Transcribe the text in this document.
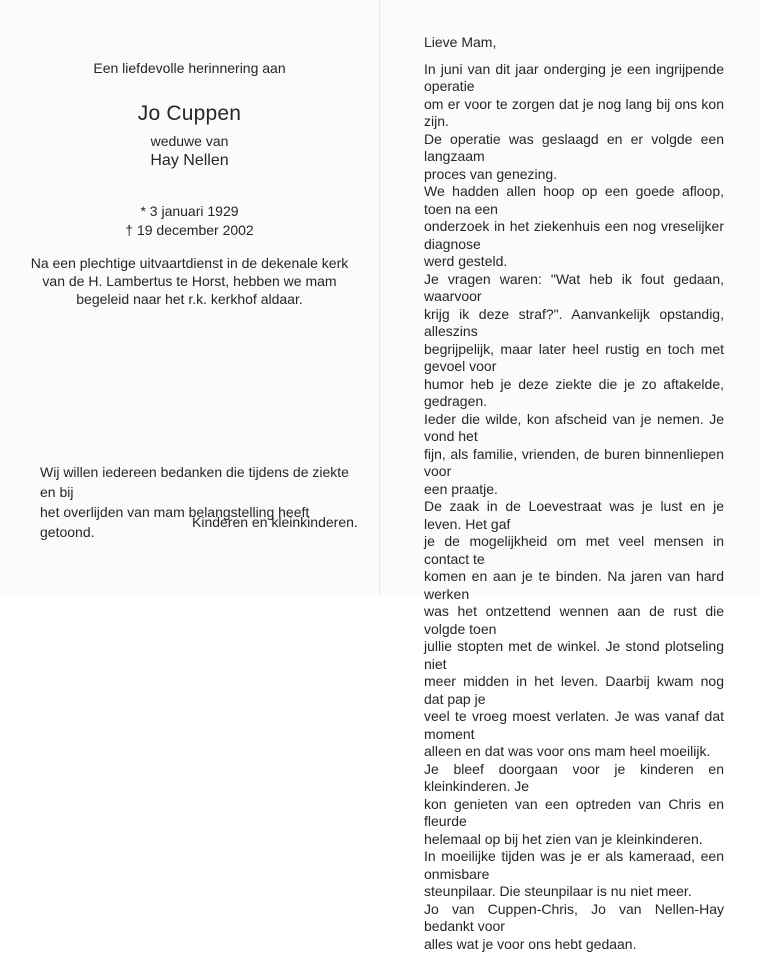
Een liefdevolle herinnering aan
Jo Cuppen
weduwe van
Hay Nellen
* 3 januari 1929
† 19 december 2002
Na een plechtige uitvaartdienst in de dekenale kerk
van de H. Lambertus te Horst, hebben we mam
begeleid naar het r.k. kerkhof aldaar.
Wij willen iedereen bedanken die tijdens de ziekte en bij
het overlijden van mam belangstelling heeft getoond.
Kinderen en kleinkinderen.
Lieve Mam,

In juni van dit jaar onderging je een ingrijpende operatie
om er voor te zorgen dat je nog lang bij ons kon zijn.

De operatie was geslaagd en er volgde een langzaam
proces van genezing.

We hadden allen hoop op een goede afloop, toen na een
onderzoek in het ziekenhuis een nog vreselijker diagnose
werd gesteld.

Je vragen waren: "Wat heb ik fout gedaan, waarvoor
krijg ik deze straf?". Aanvankelijk opstandig, alleszins
begrijpelijk, maar later heel rustig en toch met gevoel voor
humor heb je deze ziekte die je zo aftakelde, gedragen.
Ieder die wilde, kon afscheid van je nemen. Je vond het
fijn, als familie, vrienden, de buren binnenliepen voor
een praatje.

De zaak in de Loevestraat was je lust en je leven. Het gaf
je de mogelijkheid om met veel mensen in contact te
komen en aan je te binden. Na jaren van hard werken
was het ontzettend wennen aan de rust die volgde toen
jullie stopten met de winkel. Je stond plotseling niet
meer midden in het leven. Daarbij kwam nog dat pap je
veel te vroeg moest verlaten. Je was vanaf dat moment
alleen en dat was voor ons mam heel moeilijk.

Je bleef doorgaan voor je kinderen en kleinkinderen. Je
kon genieten van een optreden van Chris en fleurde
helemaal op bij het zien van je kleinkinderen.

In moeilijke tijden was je er als kameraad, een onmisbare
steunpilaar. Die steunpilaar is nu niet meer.

Jo van Cuppen-Chris, Jo van Nellen-Hay bedankt voor
alles wat je voor ons hebt gedaan.
